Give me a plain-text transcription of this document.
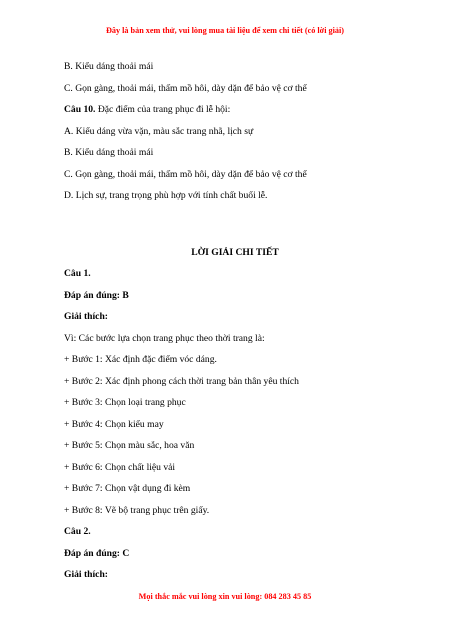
Đây là bản xem thử, vui lòng mua tài liệu để xem chi tiết (có lời giải)
B. Kiểu dáng thoải mái
C. Gọn gàng, thoải mái, thấm mồ hôi, dày dặn để bảo vệ cơ thể
Câu 10. Đặc điểm của trang phục đi lễ hội:
A. Kiểu dáng vừa vặn, màu sắc trang nhã, lịch sự
B. Kiểu dáng thoải mái
C. Gọn gàng, thoải mái, thấm mồ hôi, dày dặn để bảo vệ cơ thể
D. Lịch sự, trang trọng phù hợp với tính chất buổi lễ.
LỜI GIẢI CHI TIẾT
Câu 1.
Đáp án đúng: B
Giải thích:
Vì: Các bước lựa chọn trang phục theo thời trang là:
+ Bước 1: Xác định đặc điểm vóc dáng.
+ Bước 2: Xác định phong cách thời trang bản thân yêu thích
+ Bước 3: Chọn loại trang phục
+ Bước 4: Chọn kiểu may
+ Bước 5: Chọn màu sắc, hoa văn
+ Bước 6: Chọn chất liệu vải
+ Bước 7: Chọn vật dụng đi kèm
+ Bước 8: Vẽ bộ trang phục trên giấy.
Câu 2.
Đáp án đúng: C
Giải thích:
Mọi thắc mắc vui lòng xin vui lòng: 084 283 45 85
